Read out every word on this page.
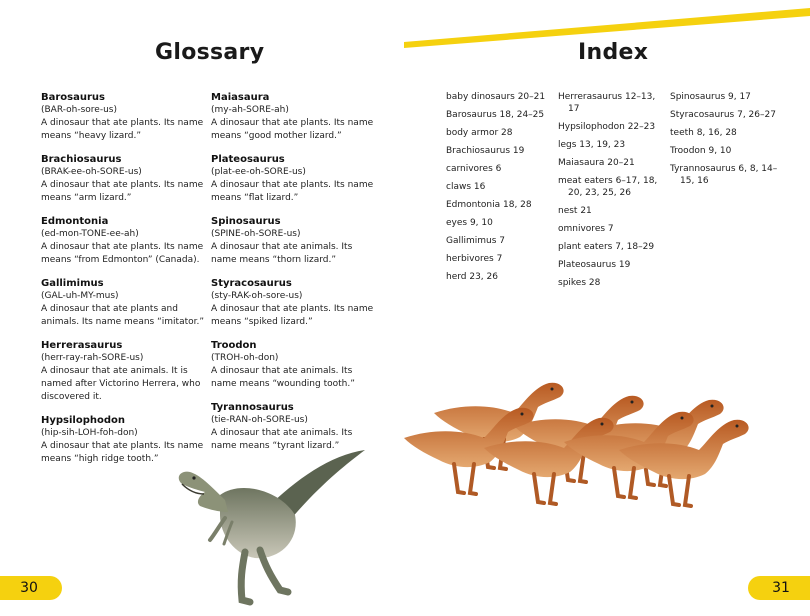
Glossary
Barosaurus
(BAR-oh-sore-us)
A dinosaur that ate plants. Its name means “heavy lizard.”
Brachiosaurus
(BRAK-ee-oh-SORE-us)
A dinosaur that ate plants. Its name means “arm lizard.”
Edmontonia
(ed-mon-TONE-ee-ah)
A dinosaur that ate plants. Its name means “from Edmonton” (Canada).
Gallimimus
(GAL-uh-MY-mus)
A dinosaur that ate plants and animals. Its name means “imitator.”
Herrerasaurus
(herr-ray-rah-SORE-us)
A dinosaur that ate animals. It is named after Victorino Herrera, who discovered it.
Hypsilophodon
(hip-sih-LOH-foh-don)
A dinosaur that ate plants. Its name means “high ridge tooth.”
Maiasaura
(my-ah-SORE-ah)
A dinosaur that ate plants. Its name means “good mother lizard.”
Plateosaurus
(plat-ee-oh-SORE-us)
A dinosaur that ate plants. Its name means “flat lizard.”
Spinosaurus
(SPINE-oh-SORE-us)
A dinosaur that ate animals. Its name means “thorn lizard.”
Styracosaurus
(sty-RAK-oh-sore-us)
A dinosaur that ate plants. Its name means “spiked lizard.”
Troodon
(TROH-oh-don)
A dinosaur that ate animals. Its name means “wounding tooth.”
Tyrannosaurus
(tie-RAN-oh-SORE-us)
A dinosaur that ate animals. Its name means “tyrant lizard.”
30
Index
baby dinosaurs 20–21
Barosaurus 18, 24–25
body armor 28
Brachiosaurus 19
carnivores 6
claws 16
Edmontonia 18, 28
eyes 9, 10
Gallimimus 7
herbivores 7
herd 23, 26
Herrerasaurus 12–13, 17
Hypsilophodon 22–23
legs 13, 19, 23
Maiasaura 20–21
meat eaters 6–17, 18, 20, 23, 25, 26
nest 21
omnivores 7
plant eaters 7, 18–29
Plateosaurus 19
spikes 28
Spinosaurus 9, 17
Styracosaurus 7, 26–27
teeth 8, 16, 28
Troodon 9, 10
Tyrannosaurus 6, 8, 14–15, 16
31
